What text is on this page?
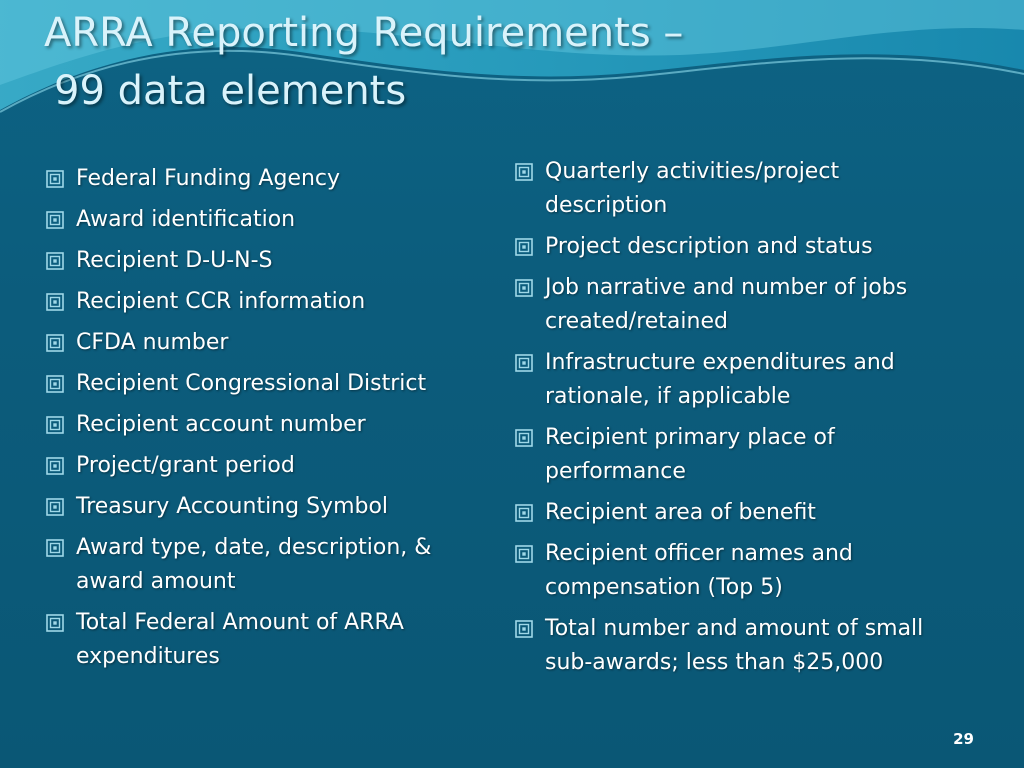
ARRA Reporting Requirements –
99 data elements
Federal Funding Agency
Award identification
Recipient D-U-N-S
Recipient CCR information
CFDA number
Recipient Congressional District
Recipient account number
Project/grant period
Treasury Accounting Symbol
Award type, date, description, & award amount
Total Federal Amount of ARRA expenditures
Quarterly activities/project description
Project description and status
Job narrative and number of jobs created/retained
Infrastructure expenditures and rationale, if applicable
Recipient primary place of performance
Recipient area of benefit
Recipient officer names and compensation (Top 5)
Total number and amount of small sub-awards; less than $25,000
29
